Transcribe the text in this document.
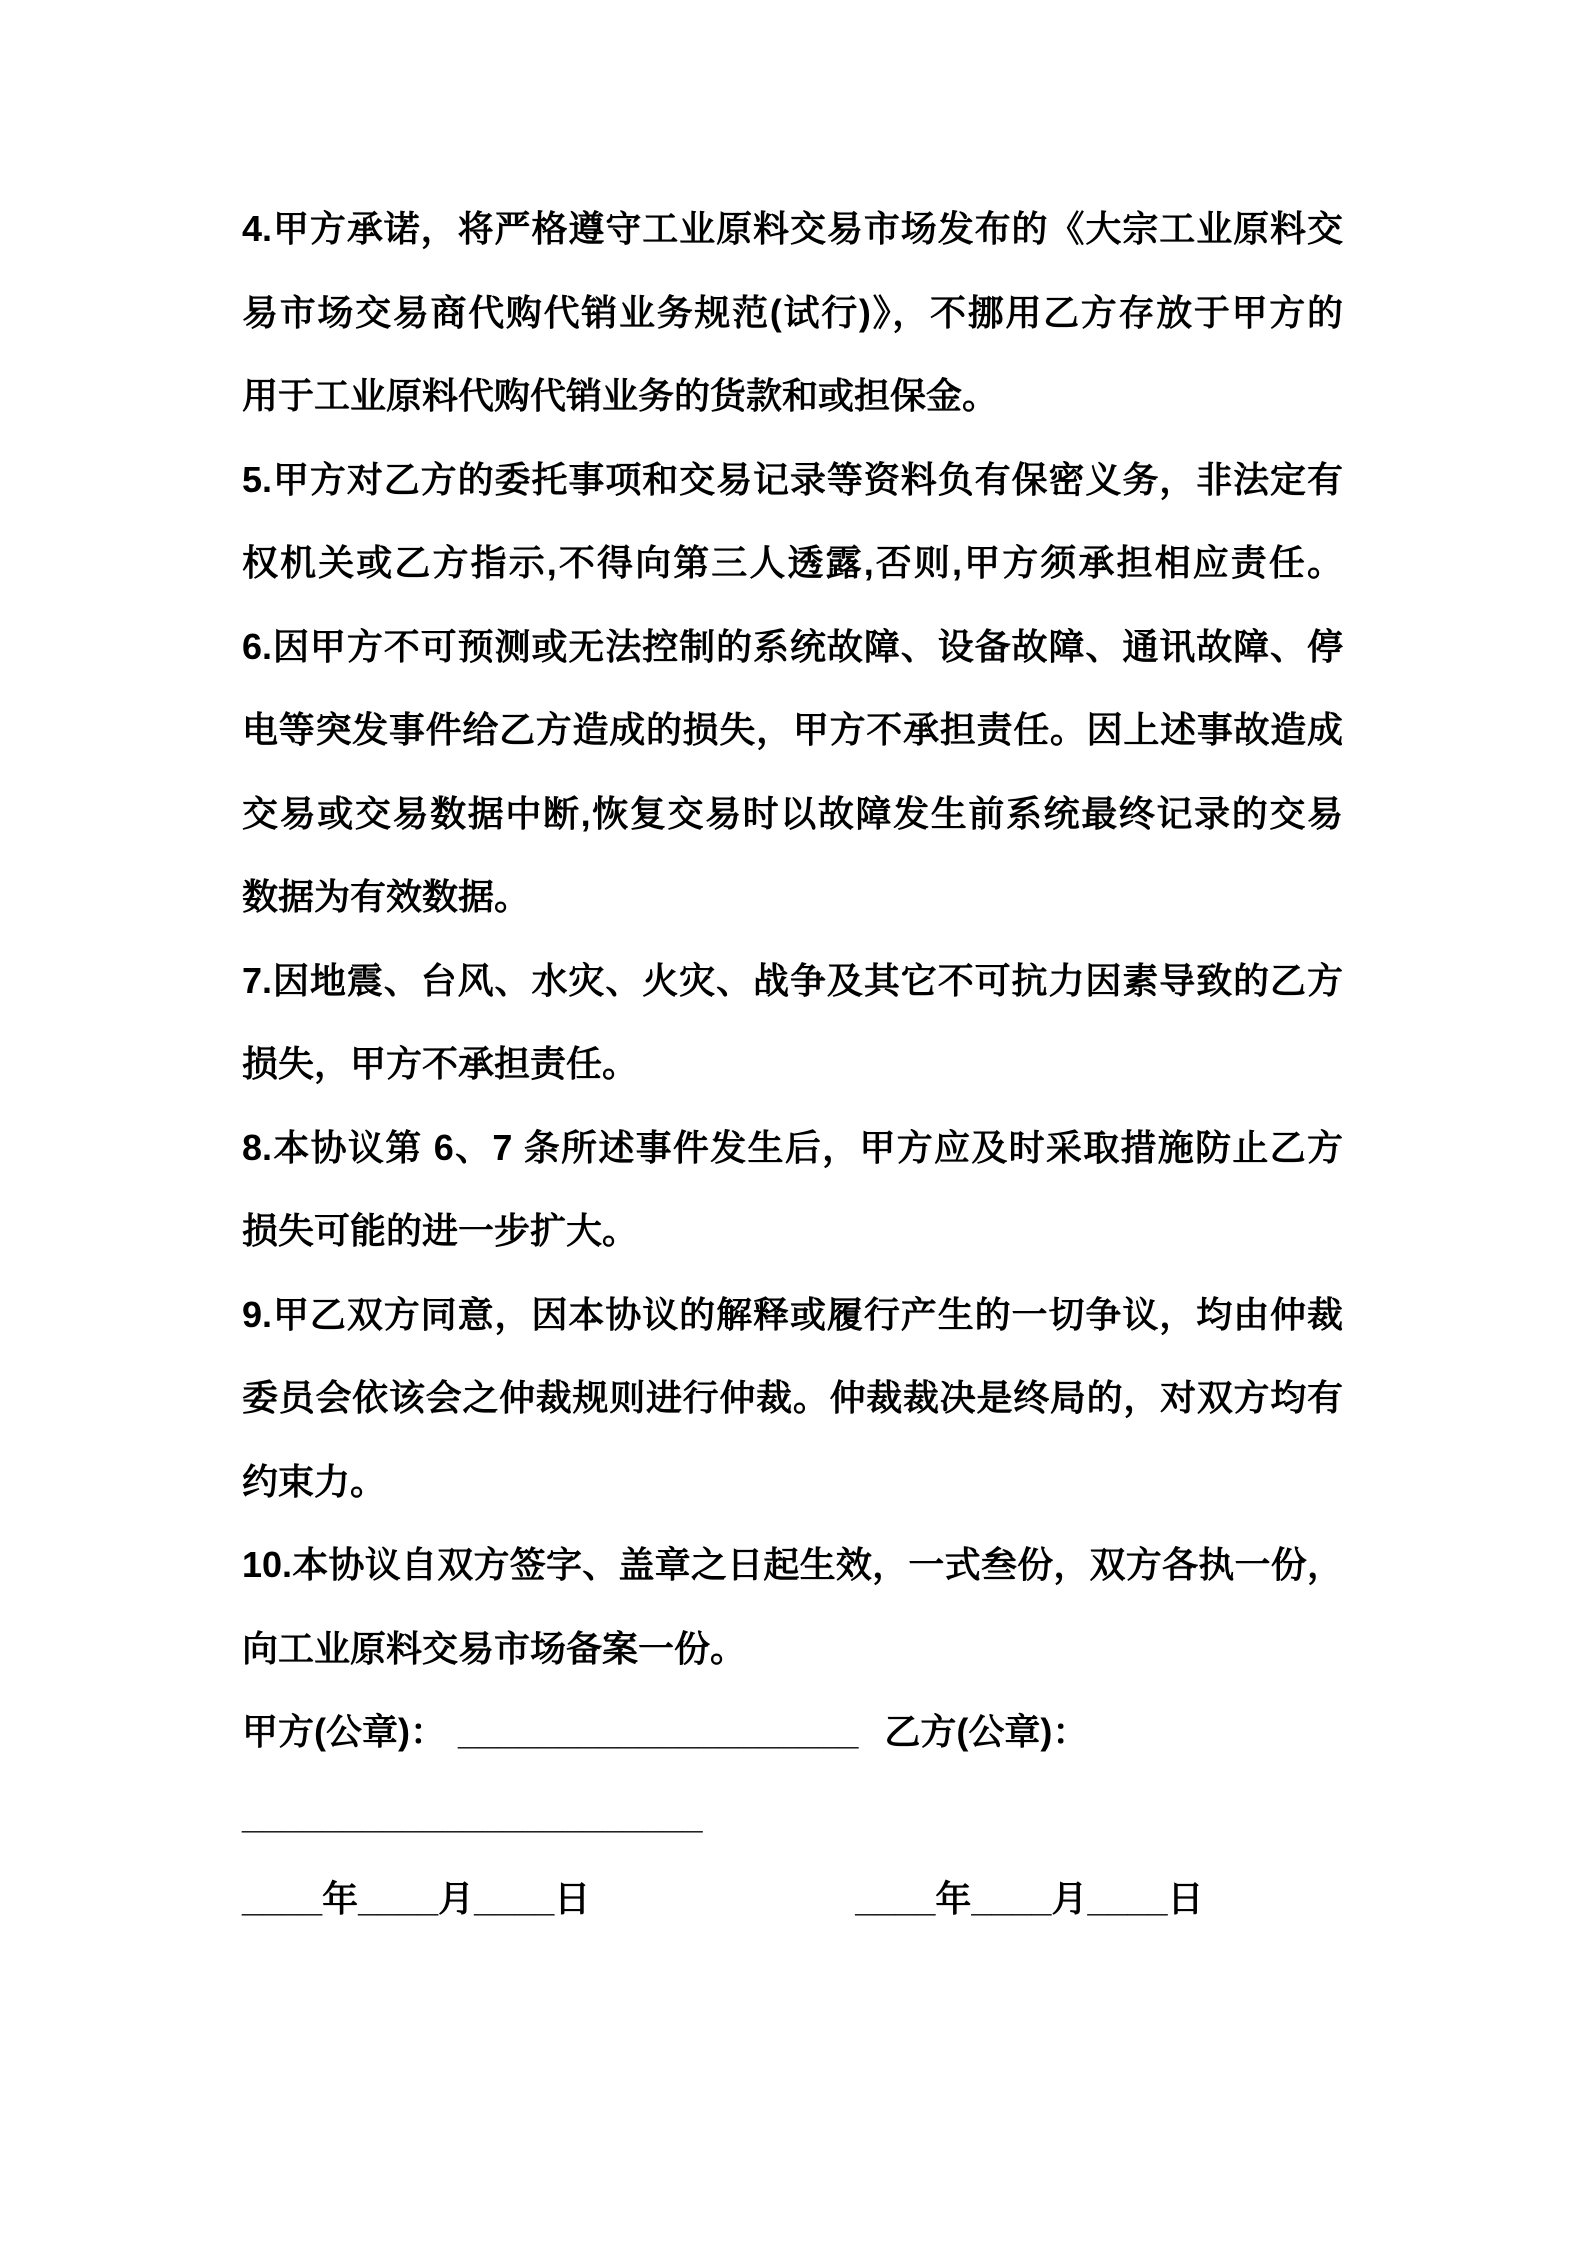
4.甲方承诺，将严格遵守工业原料交易市场发布的《大宗工业原料交
易市场交易商代购代销业务规范(试行)》，不挪用乙方存放于甲方的
用于工业原料代购代销业务的货款和或担保金。
5.甲方对乙方的委托事项和交易记录等资料负有保密义务，非法定有
权机关或乙方指示,不得向第三人透露,否则,甲方须承担相应责任。
6.因甲方不可预测或无法控制的系统故障、设备故障、通讯故障、停
电等突发事件给乙方造成的损失，甲方不承担责任。因上述事故造成
交易或交易数据中断,恢复交易时以故障发生前系统最终记录的交易
数据为有效数据。
7.因地震、台风、水灾、火灾、战争及其它不可抗力因素导致的乙方
损失，甲方不承担责任。
8.本协议第 6、7 条所述事件发生后，甲方应及时采取措施防止乙方
损失可能的进一步扩大。
9.甲乙双方同意，因本协议的解释或履行产生的一切争议，均由仲裁
委员会依该会之仲裁规则进行仲裁。仲裁裁决是终局的，对双方均有
约束力。
10.本协议自双方签字、盖章之日起生效，一式叁份，双方各执一份，
向工业原料交易市场备案一份。
甲方(公章)： ____________________ 乙方(公章)：
_______________________
____年____月____日	____年____月____日
